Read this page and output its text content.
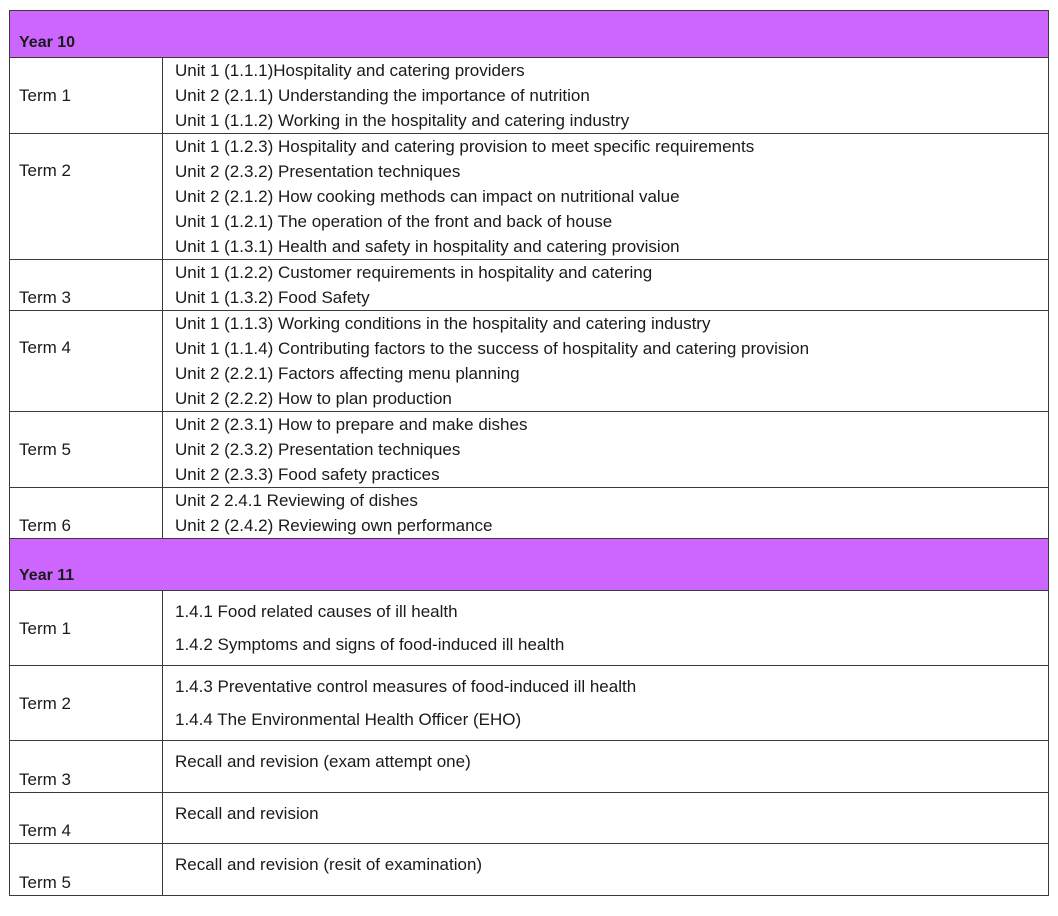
Year 10	
Term 1	Unit 1 (1.1.1)Hospitality and catering providers
Unit 2 (2.1.1) Understanding the importance of nutrition
Unit 1 (1.1.2) Working in the hospitality and catering industry

Term 2	Unit 1 (1.2.3) Hospitality and catering provision to meet specific requirements
Unit 2 (2.3.2) Presentation techniques
Unit 2 (2.1.2) How cooking methods can impact on nutritional value
Unit 1 (1.2.1) The operation of the front and back of house
Unit 1 (1.3.1) Health and safety in hospitality and catering provision

Term 3	Unit 1 (1.2.2) Customer requirements in hospitality and catering
Unit 1 (1.3.2) Food Safety

Term 4	Unit 1 (1.1.3) Working conditions in the hospitality and catering industry
Unit 1 (1.1.4) Contributing factors to the success of hospitality and catering provision
Unit 2 (2.2.1) Factors affecting menu planning
Unit 2 (2.2.2) How to plan production

Term 5	Unit 2 (2.3.1) How to prepare and make dishes
Unit 2 (2.3.2) Presentation techniques
Unit 2 (2.3.3) Food safety practices

Term 6	Unit 2 2.4.1 Reviewing of dishes
Unit 2 (2.4.2) Reviewing own performance

Year 11	
Term 1	1.4.1 Food related causes of ill health
1.4.2 Symptoms and signs of food-induced ill health

Term 2	1.4.3 Preventative control measures of food-induced ill health
1.4.4 The Environmental Health Officer (EHO)

Term 3	Recall and revision (exam attempt one)

Term 4	Recall and revision

Term 5	Recall and revision (resit of examination)
